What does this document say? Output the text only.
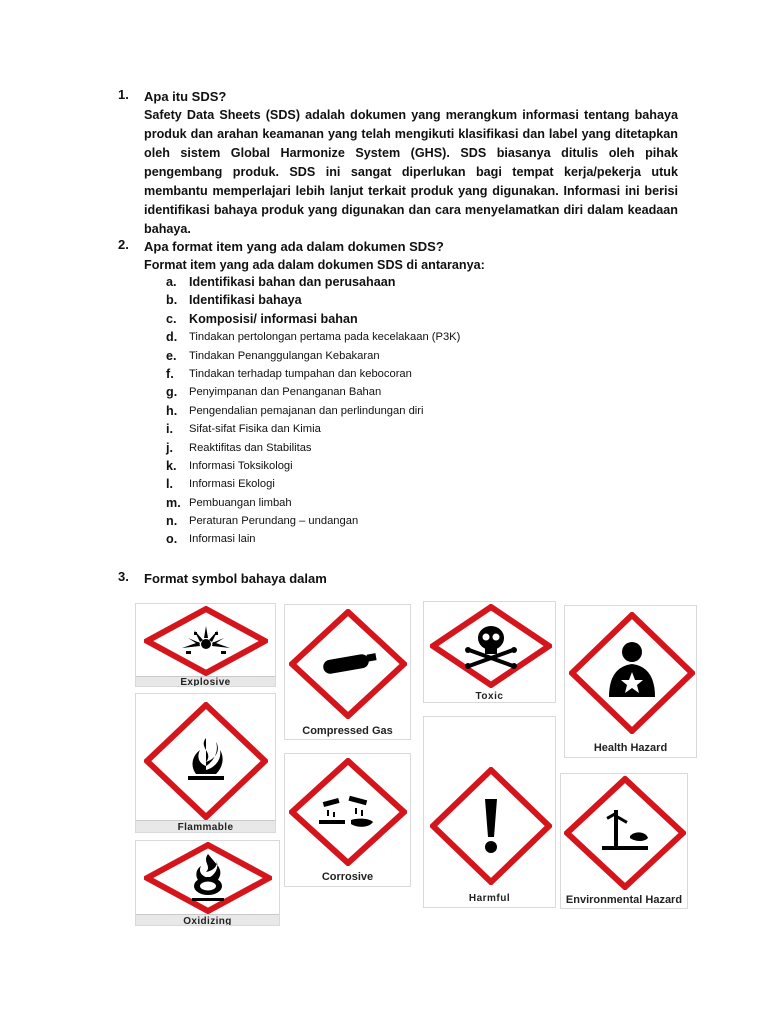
1. Apa itu SDS?
Safety Data Sheets (SDS) adalah dokumen yang merangkum informasi tentang bahaya produk dan arahan keamanan yang telah mengikuti klasifikasi dan label yang ditetapkan oleh sistem Global Harmonize System (GHS). SDS biasanya ditulis oleh pihak pengembang produk. SDS ini sangat diperlukan bagi tempat kerja/pekerja utuk membantu memperlajari lebih lanjut terkait produk yang digunakan. Informasi ini berisi identifikasi bahaya produk yang digunakan dan cara menyelamatkan diri dalam keadaan bahaya.
2. Apa format item yang ada dalam dokumen SDS?
Format item yang ada dalam dokumen SDS di antaranya:
a. Identifikasi bahan dan perusahaan
b. Identifikasi bahaya
c. Komposisi/ informasi bahan
d. Tindakan pertolongan pertama pada kecelakaan (P3K)
e. Tindakan Penanggulangan Kebakaran
f. Tindakan terhadap tumpahan dan kebocoran
g. Penyimpanan dan Penanganan Bahan
h. Pengendalian pemajanan dan perlindungan diri
i. Sifat-sifat Fisika dan Kimia
j. Reaktifitas dan Stabilitas
k. Informasi Toksikologi
l. Informasi Ekologi
m. Pembuangan limbah
n. Peraturan Perundang – undangan
o. Informasi lain
3. Format symbol bahaya dalam
Explosive
Compressed Gas
Toxic
Health Hazard
Flammable
Corrosive
Harmful
Oxidizing
Environmental Hazard
